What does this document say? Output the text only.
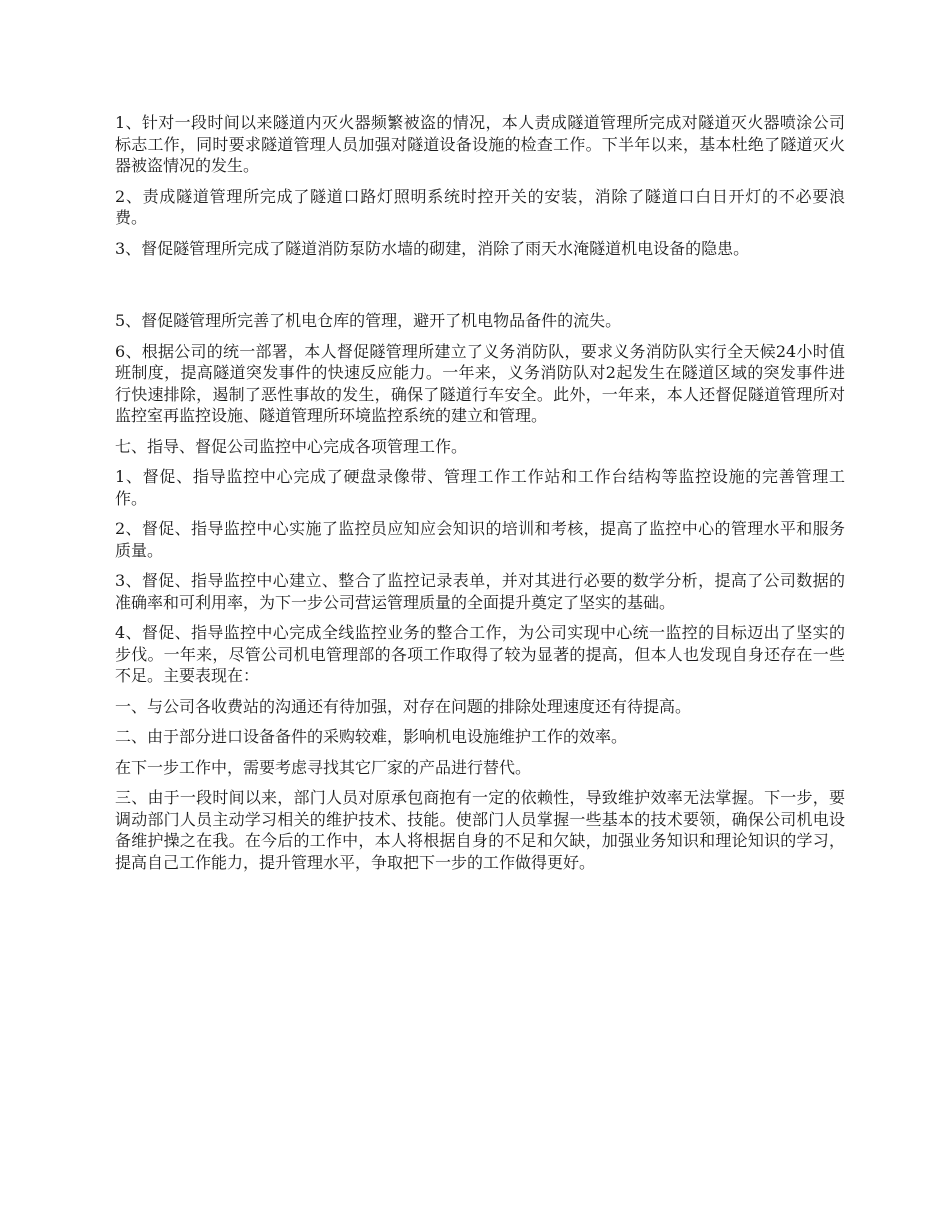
1、针对一段时间以来隧道内灭火器频繁被盗的情况，本人责成隧道管理所完成对隧道灭火器喷涂公司标志工作，同时要求隧道管理人员加强对隧道设备设施的检查工作。下半年以来，基本杜绝了隧道灭火器被盗情况的发生。

2、责成隧道管理所完成了隧道口路灯照明系统时控开关的安装，消除了隧道口白日开灯的不必要浪费。

3、督促隧管理所完成了隧道消防泵防水墙的砌建，消除了雨天水淹隧道机电设备的隐患。

5、督促隧管理所完善了机电仓库的管理，避开了机电物品备件的流失。

6、根据公司的统一部署，本人督促隧管理所建立了义务消防队，要求义务消防队实行全天候24小时值班制度，提高隧道突发事件的快速反应能力。一年来，义务消防队对2起发生在隧道区域的突发事件进行快速排除，遏制了恶性事故的发生，确保了隧道行车安全。此外，一年来，本人还督促隧道管理所对监控室再监控设施、隧道管理所环境监控系统的建立和管理。

七、指导、督促公司监控中心完成各项管理工作。

1、督促、指导监控中心完成了硬盘录像带、管理工作工作站和工作台结构等监控设施的完善管理工作。

2、督促、指导监控中心实施了监控员应知应会知识的培训和考核，提高了监控中心的管理水平和服务质量。

3、督促、指导监控中心建立、整合了监控记录表单，并对其进行必要的数学分析，提高了公司数据的准确率和可利用率，为下一步公司营运管理质量的全面提升奠定了坚实的基础。

4、督促、指导监控中心完成全线监控业务的整合工作，为公司实现中心统一监控的目标迈出了坚实的步伐。一年来，尽管公司机电管理部的各项工作取得了较为显著的提高，但本人也发现自身还存在一些不足。主要表现在：

一、与公司各收费站的沟通还有待加强，对存在问题的排除处理速度还有待提高。

二、由于部分进口设备备件的采购较难，影响机电设施维护工作的效率。

在下一步工作中，需要考虑寻找其它厂家的产品进行替代。

三、由于一段时间以来，部门人员对原承包商抱有一定的依赖性，导致维护效率无法掌握。下一步，要调动部门人员主动学习相关的维护技术、技能。使部门人员掌握一些基本的技术要领，确保公司机电设备维护操之在我。在今后的工作中，本人将根据自身的不足和欠缺，加强业务知识和理论知识的学习，提高自己工作能力，提升管理水平，争取把下一步的工作做得更好。
